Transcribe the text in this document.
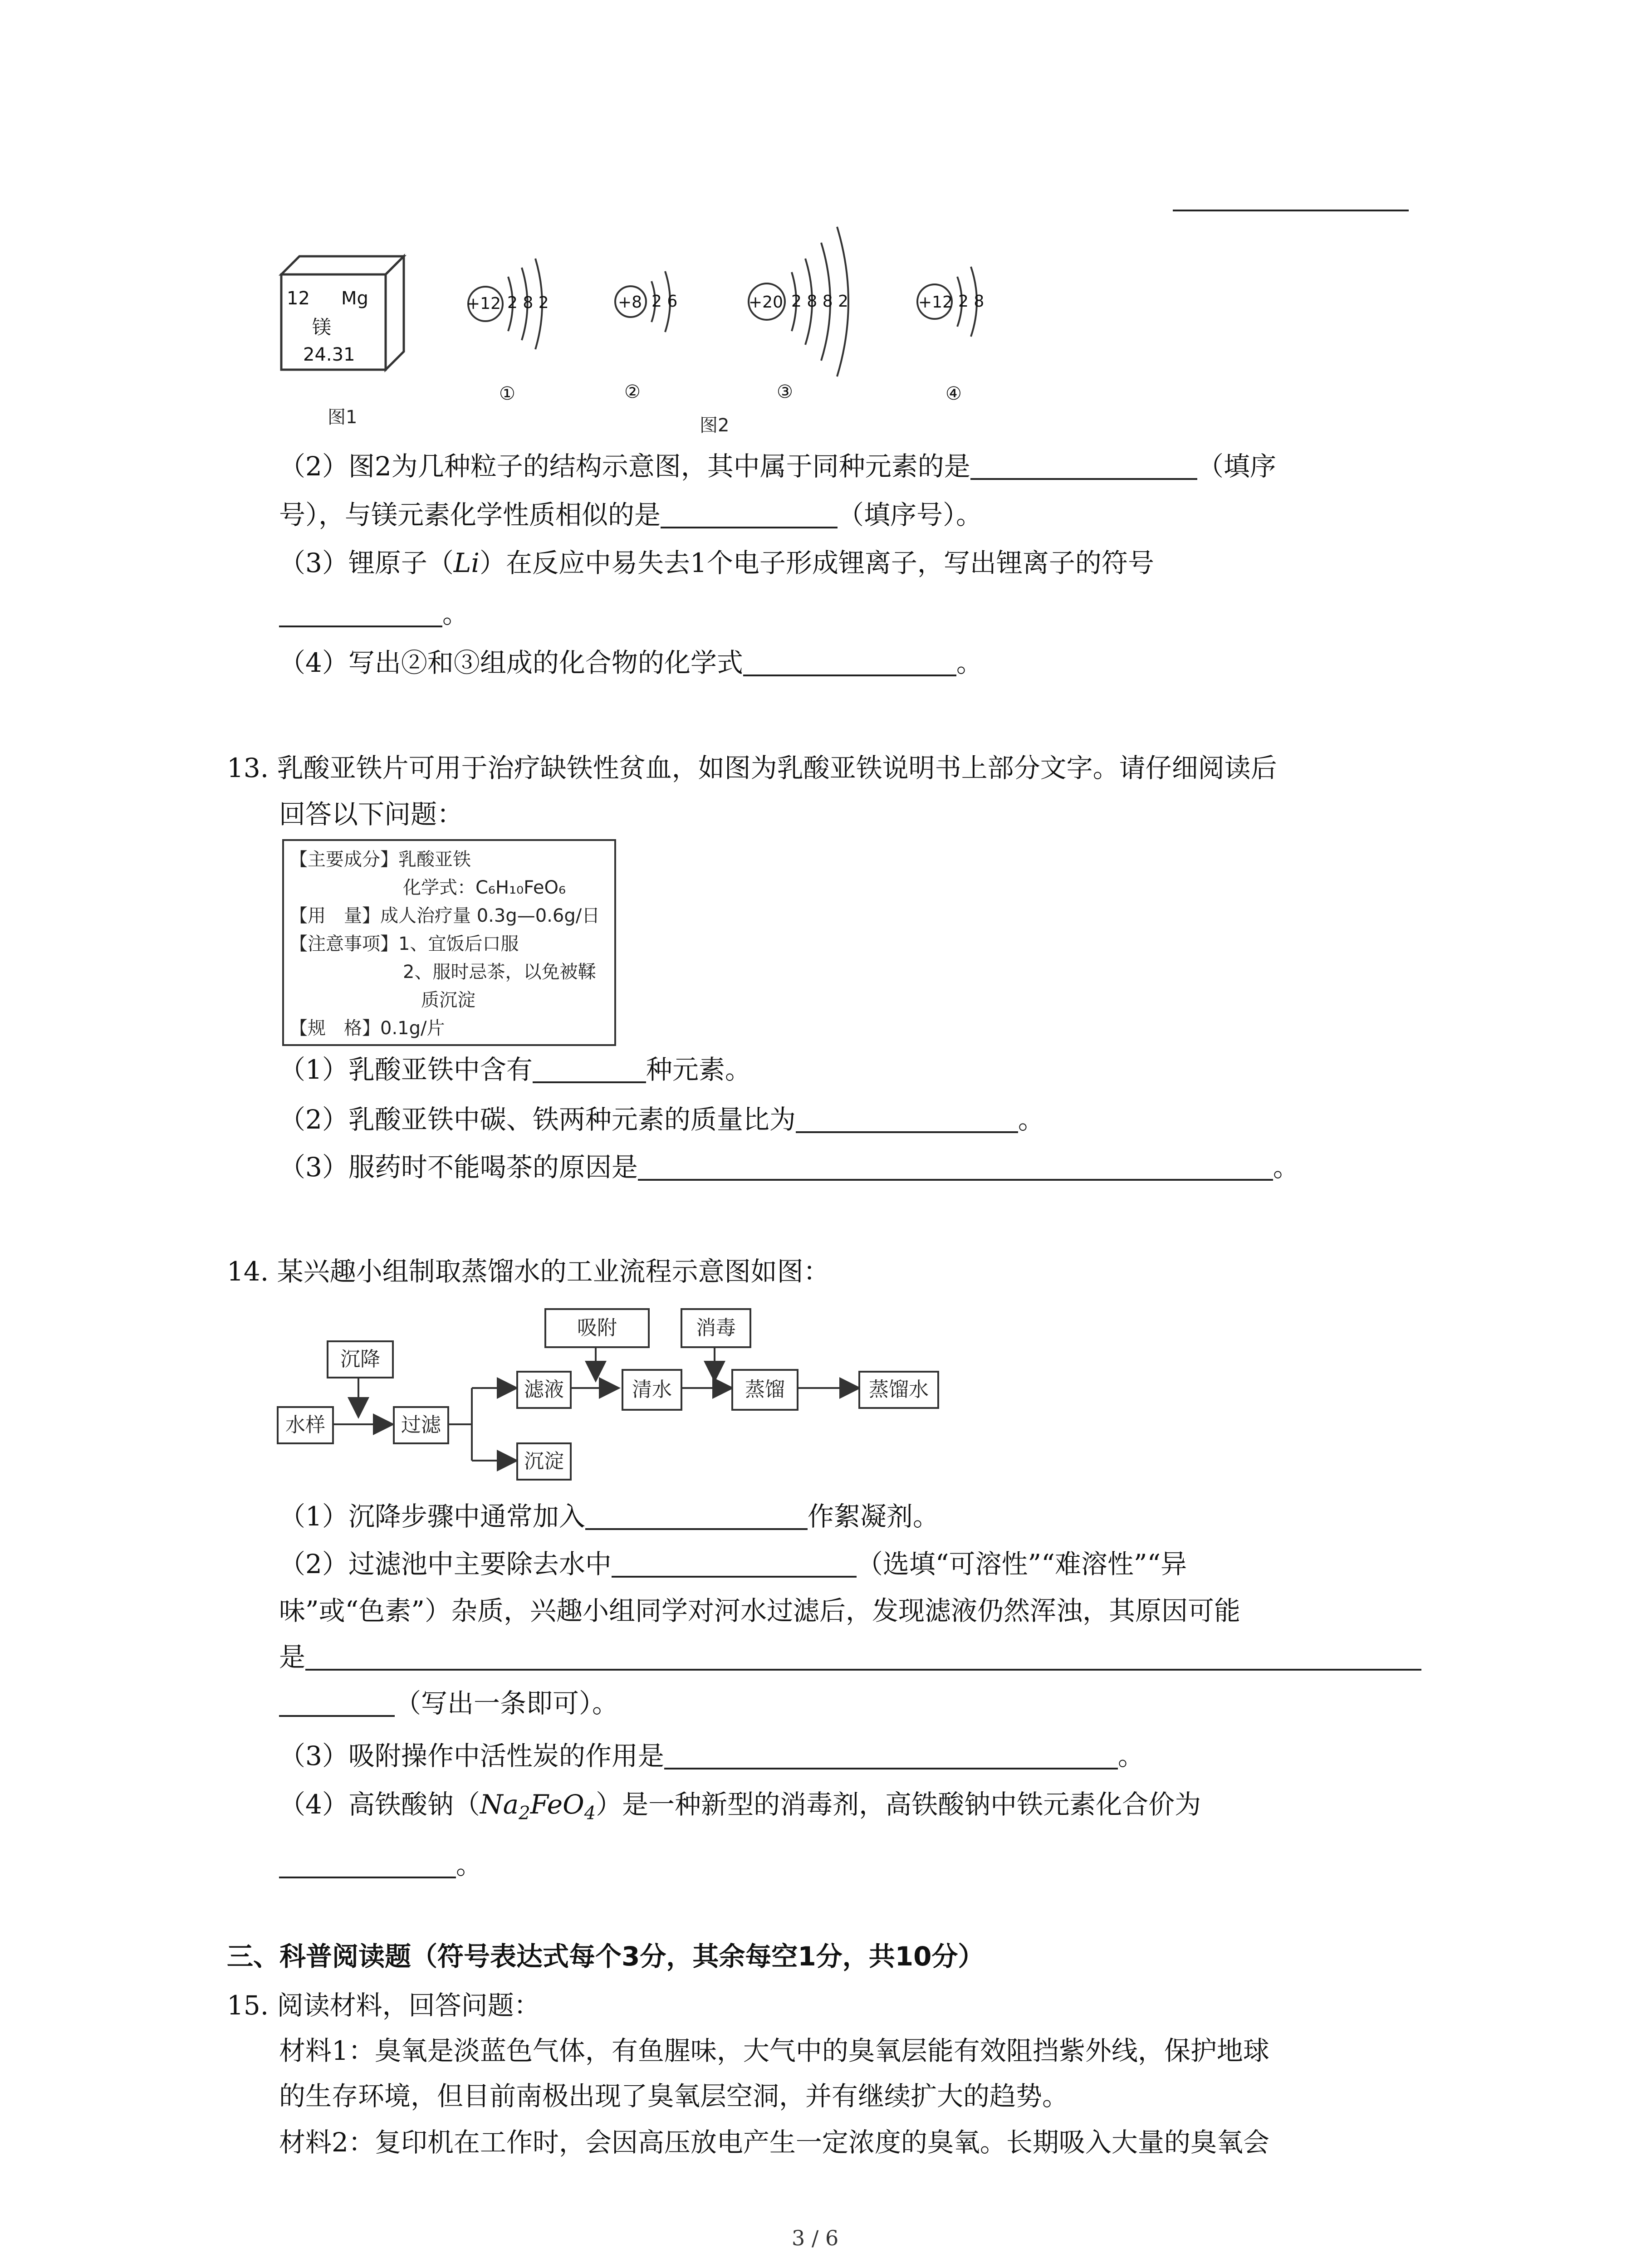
12 Mg
镁
24.31
图1
+12 2 8 2
①
+8 2 6
②
+20 2 8 8 2
③
+12 2 8
④
图2
（2）图2为几种粒子的结构示意图，其中属于同种元素的是	（填序
号），与镁元素化学性质相似的是	（填序号）。
（3）锂原子（Li）在反应中易失去1个电子形成锂离子，写出锂离子的符号
。
（4）写出②和③组成的化合物的化学式	。
13. 乳酸亚铁片可用于治疗缺铁性贫血，如图为乳酸亚铁说明书上部分文字。请仔细阅读后
回答以下问题：
【主要成分】乳酸亚铁
化学式：C₆H₁₀FeO₆
【用　量】成人治疗量 0.3g—0.6g/日
【注意事项】1、宜饭后口服
2、服时忌茶，以免被鞣
质沉淀
【规　格】0.1g/片
（1）乳酸亚铁中含有	种元素。
（2）乳酸亚铁中碳、铁两种元素的质量比为	。
（3）服药时不能喝茶的原因是	。
14. 某兴趣小组制取蒸馏水的工业流程示意图如图：
水样
沉降
过滤
滤液
沉淀
吸附
清水
消毒
蒸馏	蒸馏水
（1）沉降步骤中通常加入	作絮凝剂。
（2）过滤池中主要除去水中	（选填“可溶性”“难溶性”“异
味”或“色素”）杂质，兴趣小组同学对河水过滤后，发现滤液仍然浑浊，其原因可能
是
（写出一条即可）。
（3）吸附操作中活性炭的作用是	。
（4）高铁酸钠$(Na_2FeO_4)$是一种新型的消毒剂，高铁酸钠中铁元素化合价为
。
三、科普阅读题（符号表达式每个3分，其余每空1分，共10分）
15. 阅读材料，回答问题：
材料1：臭氧是淡蓝色气体，有鱼腥味，大气中的臭氧层能有效阻挡紫外线，保护地球
的生存环境，但目前南极出现了臭氧层空洞，并有继续扩大的趋势。
材料2：复印机在工作时，会因高压放电产生一定浓度的臭氧。长期吸入大量的臭氧会
3 / 6
